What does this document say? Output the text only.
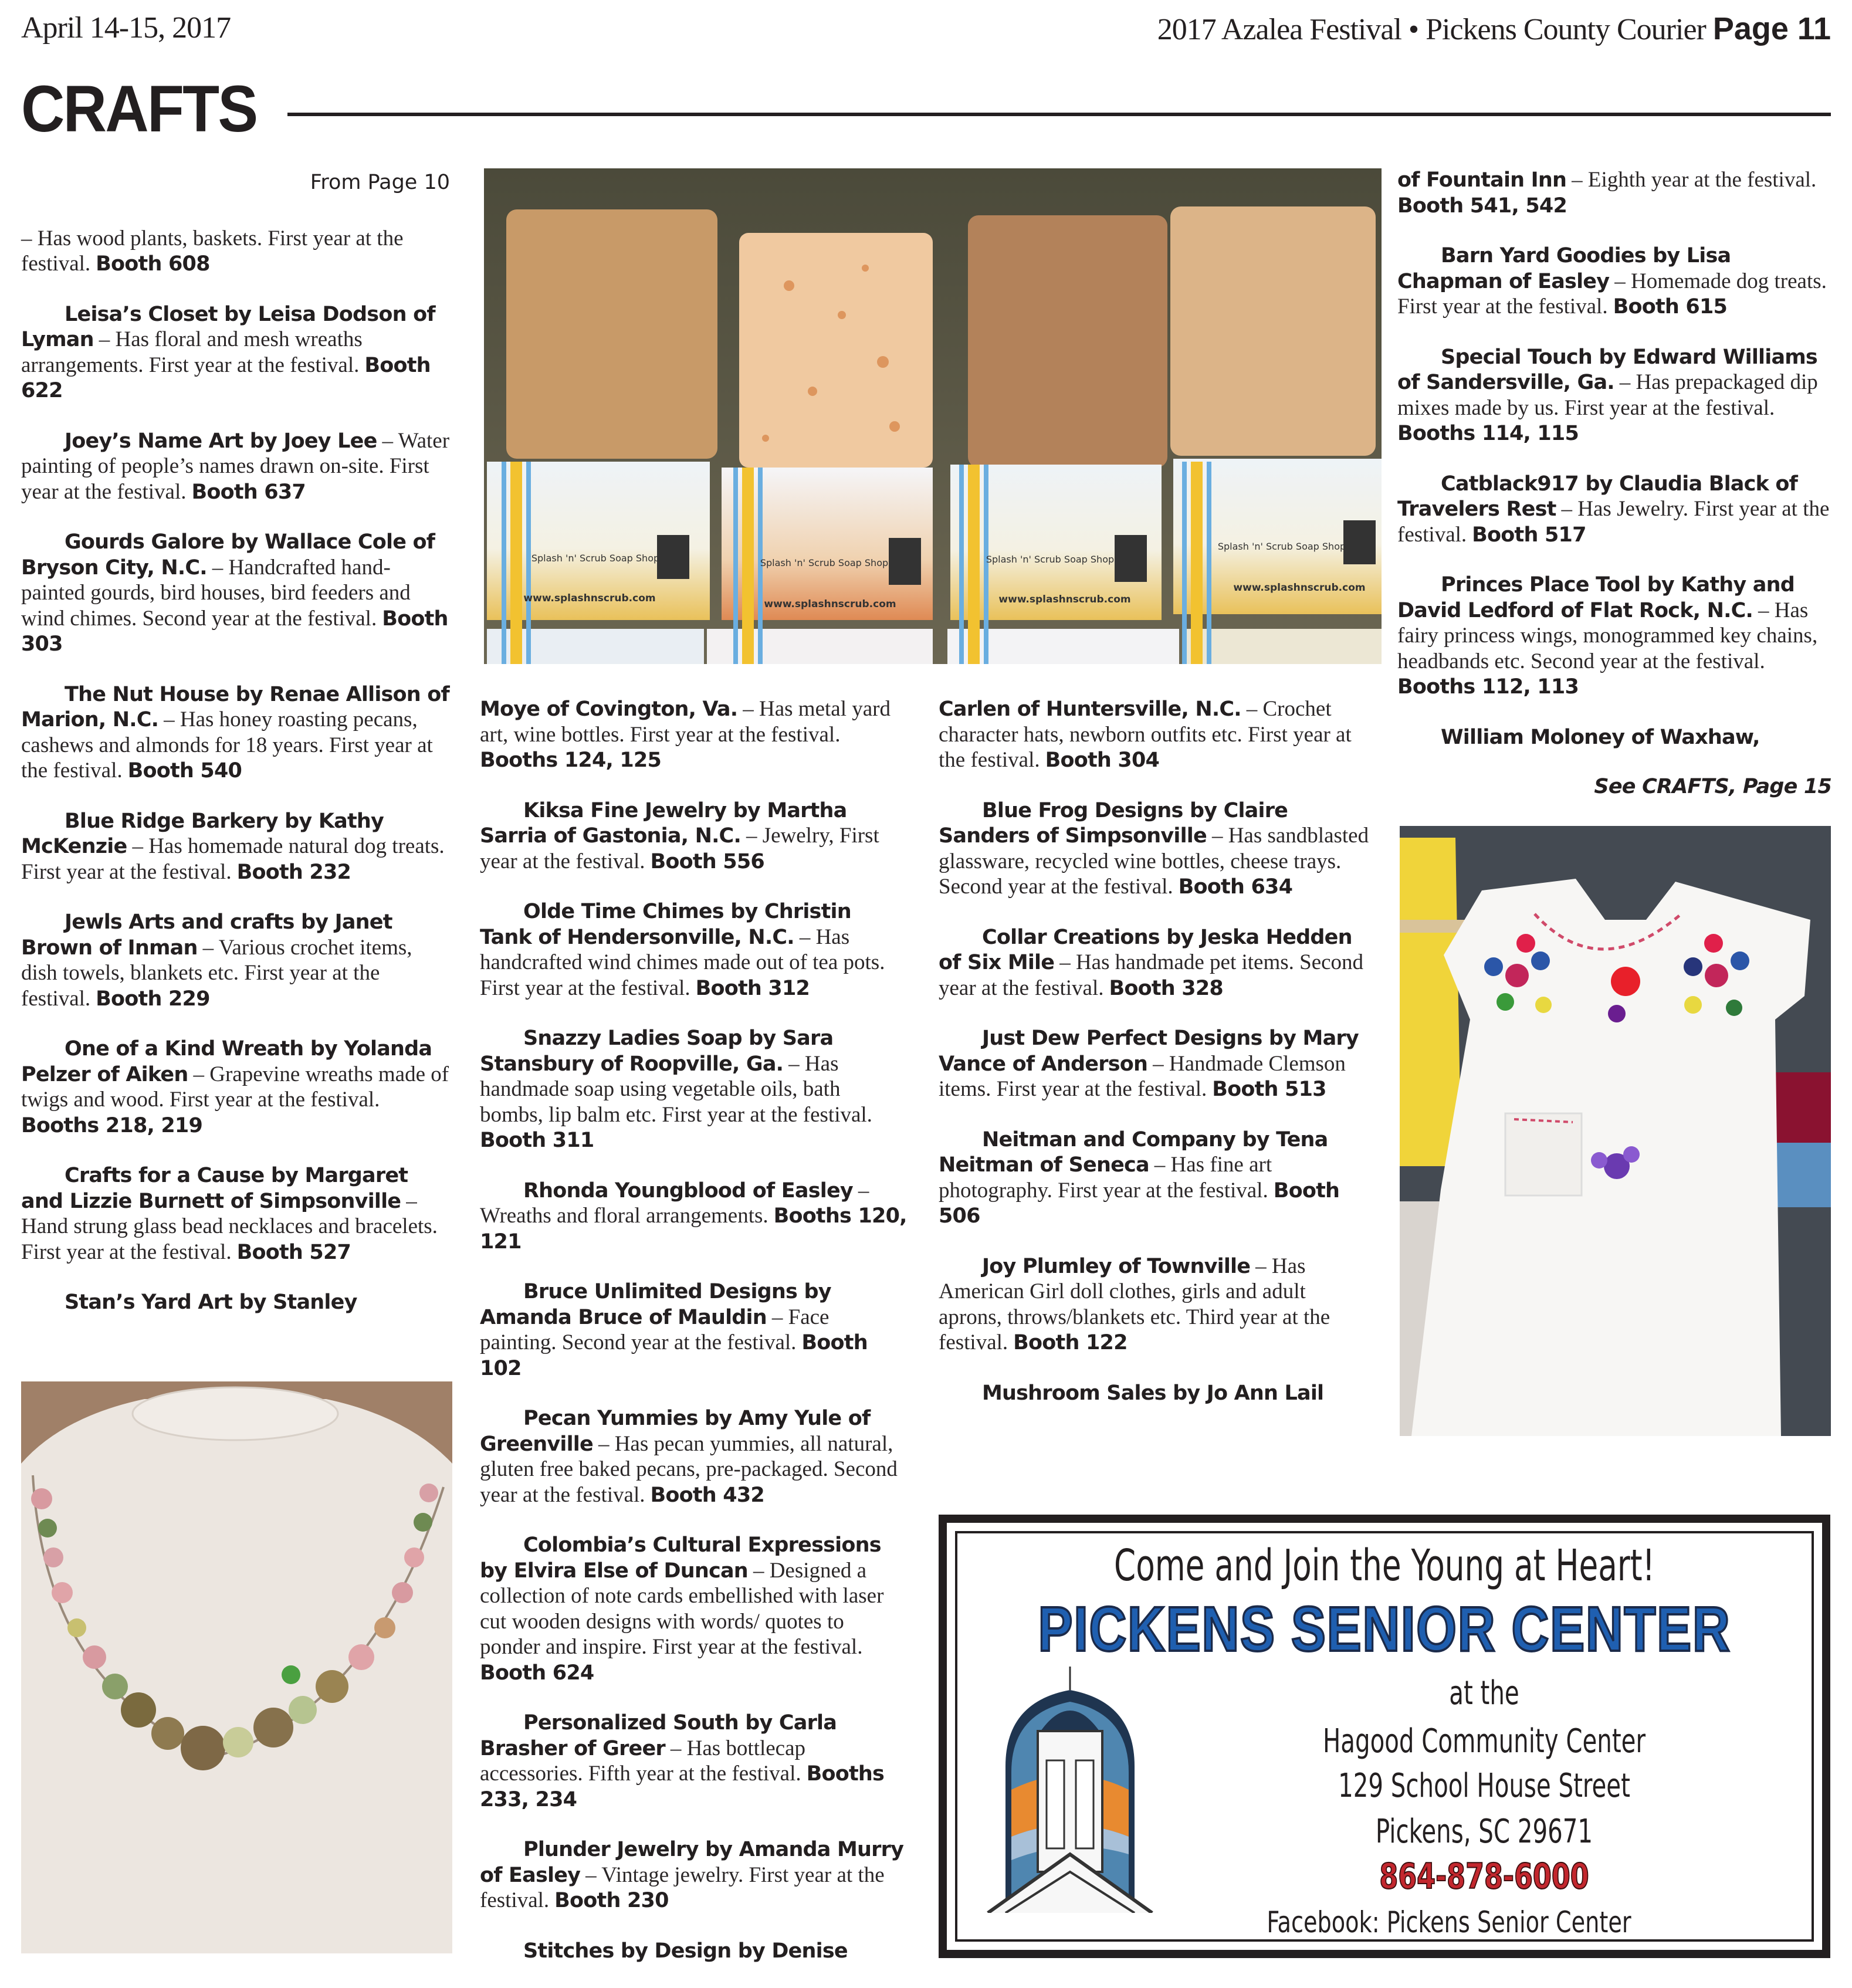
April 14-15, 2017	2017 Azalea Festival • Pickens County Courier Page 11
CRAFTS
From Page 10
– Has wood plants, baskets. First year at the festival. Booth 608
Leisa’s Closet by Leisa Dodson of Lyman – Has floral and mesh wreaths arrangements. First year at the festival. Booth 622
Joey’s Name Art by Joey Lee – Water painting of people’s names drawn on-site. First year at the festival. Booth 637
Gourds Galore by Wallace Cole of Bryson City, N.C. – Handcrafted hand- painted gourds, bird houses, bird feeders and wind chimes. Second year at the festival. Booth 303
The Nut House by Renae Allison of Marion, N.C. – Has honey roasting pecans, cashews and almonds for 18 years. First year at the festival. Booth 540
Blue Ridge Barkery by Kathy McKenzie – Has homemade natural dog treats. First year at the festival. Booth 232
Jewls Arts and crafts by Janet Brown of Inman – Various crochet items, dish towels, blankets etc. First year at the festival. Booth 229
One of a Kind Wreath by Yolanda Pelzer of Aiken – Grapevine wreaths made of twigs and wood. First year at the festival. Booths 218, 219
Crafts for a Cause by Margaret and Lizzie Burnett of Simpsonville – Hand strung glass bead necklaces and bracelets. First year at the festival. Booth 527
Stan’s Yard Art by Stanley
Moye of Covington, Va. – Has metal yard art, wine bottles. First year at the festival. Booths 124, 125
Kiksa Fine Jewelry by Martha Sarria of Gastonia, N.C. – Jewelry, First year at the festival. Booth 556
Olde Time Chimes by Christin Tank of Hendersonville, N.C. – Has handcrafted wind chimes made out of tea pots. First year at the festival. Booth 312
Snazzy Ladies Soap by Sara Stansbury of Roopville, Ga. – Has handmade soap using vegetable oils, bath bombs, lip balm etc. First year at the festival. Booth 311
Rhonda Youngblood of Easley – Wreaths and floral arrangements. Booths 120, 121
Bruce Unlimited Designs by Amanda Bruce of Mauldin – Face painting. Second year at the festival. Booth 102
Pecan Yummies by Amy Yule of Greenville – Has pecan yummies, all natural, gluten free baked pecans, pre-packaged. Second year at the festival. Booth 432
Colombia’s Cultural Expressions by Elvira Else of Duncan – Designed a collection of note cards embellished with laser cut wooden designs with words/ quotes to ponder and inspire. First year at the festival. Booth 624
Personalized South by Carla Brasher of Greer – Has bottlecap accessories. Fifth year at the festival. Booths 233, 234
Plunder Jewelry by Amanda Murry of Easley – Vintage jewelry. First year at the festival. Booth 230
Stitches by Design by Denise
Carlen of Huntersville, N.C. – Crochet character hats, newborn outfits etc. First year at the festival. Booth 304
Blue Frog Designs by Claire Sanders of Simpsonville – Has sandblasted glassware, recycled wine bottles, cheese trays. Second year at the festival. Booth 634
Collar Creations by Jeska Hedden of Six Mile – Has handmade pet items. Second year at the festival. Booth 328
Just Dew Perfect Designs by Mary Vance of Anderson – Handmade Clemson items. First year at the festival. Booth 513
Neitman and Company by Tena Neitman of Seneca – Has fine art photography. First year at the festival. Booth 506
Joy Plumley of Townville – Has American Girl doll clothes, girls and adult aprons, throws/blankets etc. Third year at the festival. Booth 122
Mushroom Sales by Jo Ann Lail
of Fountain Inn – Eighth year at the festival. Booth 541, 542
Barn Yard Goodies by Lisa Chapman of Easley – Homemade dog treats. First year at the festival. Booth 615
Special Touch by Edward Williams of Sandersville, Ga. – Has prepackaged dip mixes made by us. First year at the festival. Booths 114, 115
Catblack917 by Claudia Black of Travelers Rest – Has Jewelry. First year at the festival. Booth 517
Princes Place Tool by Kathy and David Ledford of Flat Rock, N.C. – Has fairy princess wings, monogrammed key chains, headbands etc. Second year at the festival. Booths 112, 113
William Moloney of Waxhaw,
See CRAFTS, Page 15
Splash 'n' Scrub Soap Shop	Splash 'n' Scrub Soap Shop	Splash 'n' Scrub Soap Shop
Splash 'n' Scrub Soap Shop
www.splashnscrub.com	www.splashnscrub.com	www.splashnscrub.com
www.splashnscrub.com
Come and Join the Young at Heart!
PICKENS SENIOR CENTER
at the
Hagood Community Center
129 School House Street
Pickens, SC 29671
864-878-6000
Facebook: Pickens Senior Center
